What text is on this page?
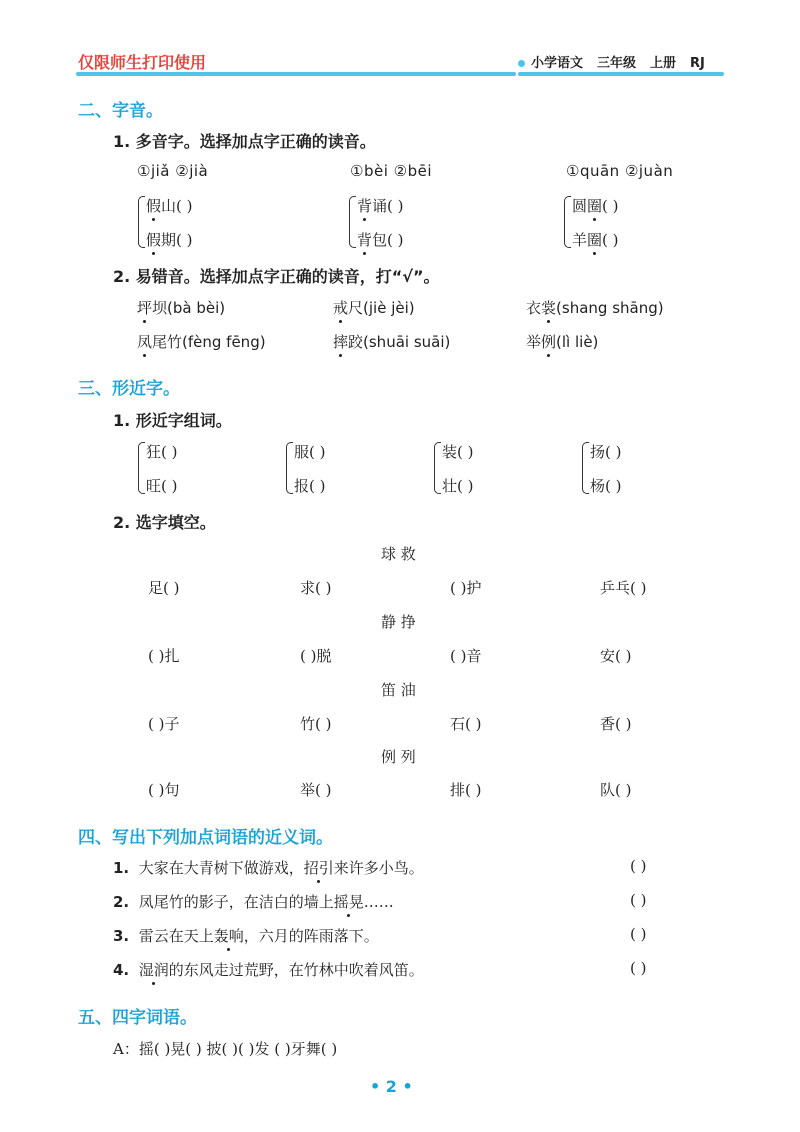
仅限师生打印使用	小学语文 三年级 上册 RJ
二、字音。
1. 多音字。选择加点字正确的读音。
①jiǎ ②jià	①bèi ②bēi	①quān ②juàn
假山( )
假期( )
背诵( )
背包( )
圆圈( )
羊圈( )
2. 易错音。选择加点字正确的读音，打“√”。
坪坝(bà bèi)	戒尺(jiè jèi)	衣裳(shang shāng)
凤尾竹(fèng fēng)	摔跤(shuāi suāi)	举例(lì liè)
三、形近字。
1. 形近字组词。
狂( )
旺( )
服( )
报( )
装( )
壮( )
扬( )
杨( )
2. 选字填空。
球 救
足( )	求( )	( )护	乒乓( )
静 挣
( )扎	( )脱	( )音	安( )
笛 油
( )子	竹( )	石( )	香( )
例 列
( )句	举( )	排( )	队( )
四、写出下列加点词语的近义词。
1. 大家在大青树下做游戏，招引来许多小鸟。	( )
2. 凤尾竹的影子，在洁白的墙上摇晃……	( )
3. 雷云在天上轰响，六月的阵雨落下。	( )
4. 湿润的东风走过荒野，在竹林中吹着风笛。	( )
五、四字词语。
A：摇( )晃( ) 披( )( )发 ( )牙舞( )
• 2 •
